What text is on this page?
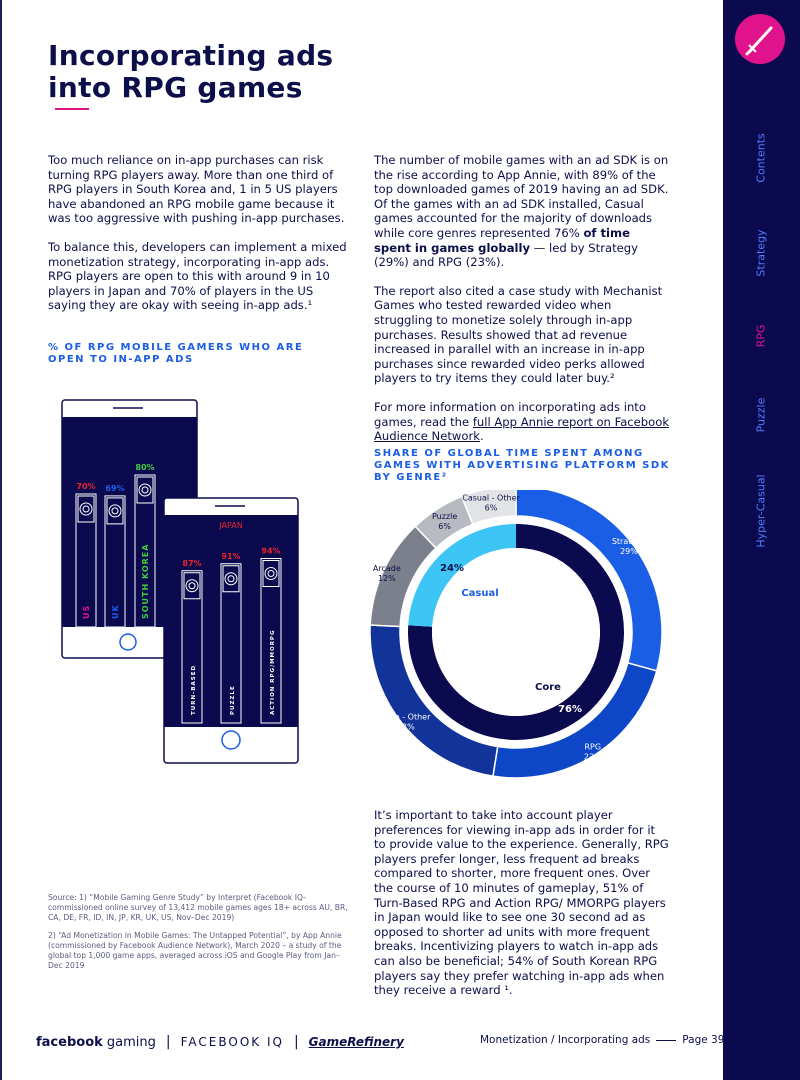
Contents
Strategy
RPG
Puzzle
Hyper-Casual
Incorporating ads into RPG games

Too much reliance on in-app purchases can risk turning RPG players away. More than one third of RPG players in South Korea and, 1 in 5 US players have abandoned an RPG mobile game because it was too aggressive with pushing in-app purchases.

To balance this, developers can implement a mixed monetization strategy, incorporating in-app ads. RPG players are open to this with around 9 in 10 players in Japan and 70% of players in the US saying they are okay with seeing in-app ads.¹

% OF RPG MOBILE GAMERS WHO ARE OPEN TO IN-APP ADS

The number of mobile games with an ad SDK is on the rise according to App Annie, with 89% of the top downloaded games of 2019 having an ad SDK. Of the games with an ad SDK installed, Casual games accounted for the majority of downloads while core genres represented 76% of time spent in games globally — led by Strategy (29%) and RPG (23%).

The report also cited a case study with Mechanist Games who tested rewarded video when struggling to monetize solely through in-app purchases. Results showed that ad revenue increased in parallel with an increase in in-app purchases since rewarded video perks allowed players to try items they could later buy.²

For more information on incorporating ads into games, read the full App Annie report on Facebook Audience Network.

SHARE OF GLOBAL TIME SPENT AMONG GAMES WITH ADVERTISING PLATFORM SDK BY GENRE²

JAPAN
70%
US
69%
UK
80%
SOUTH KOREA	87%
TURN-BASED
91%
PUZZLE
94%
ACTION RPG/MMORPG
Strategy
29%
RPG
23%
Core - Other
23%
Arcade
12%
Puzzle
6%
Casual - Other
6%
Core
76%
Casual
24%

It’s important to take into account player preferences for viewing in-app ads in order for it to provide value to the experience. Generally, RPG players prefer longer, less frequent ad breaks compared to shorter, more frequent ones. Over the course of 10 minutes of gameplay, 51% of Turn-Based RPG and Action RPG/ MMORPG players in Japan would like to see one 30 second ad as opposed to shorter ad units with more frequent breaks. Incentivizing players to watch in-app ads can also be beneficial; 54% of South Korean RPG players say they prefer watching in-app ads when they receive a reward ¹.

Source: 1) “Mobile Gaming Genre Study” by Interpret (Facebook IQ-commissioned online survey of 13,412 mobile games ages 18+ across AU, BR, CA, DE, FR, ID, IN, JP, KR, UK, US, Nov–Dec 2019)
2) “Ad Monetization in Mobile Games: The Untapped Potential”, by App Annie (commissioned by Facebook Audience Network), March 2020 – a study of the global top 1,000 game apps, averaged across iOS and Google Play from Jan–Dec 2019
facebook gaming | FACEBOOK IQ | GameRefinery	Monetization / Incorporating ads	Page 39
